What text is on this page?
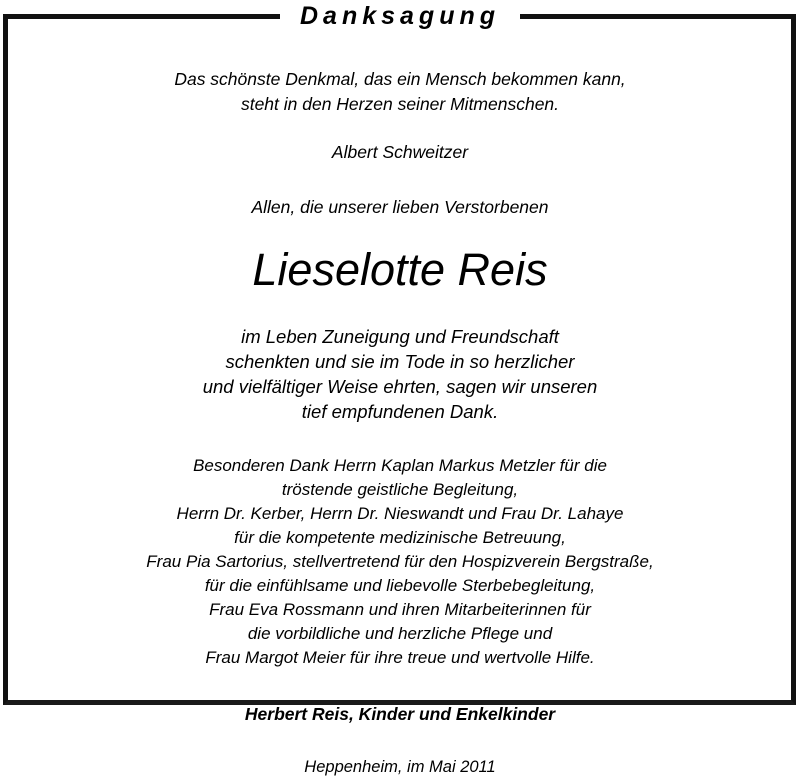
Danksagung

Das schönste Denkmal, das ein Mensch bekommen kann,
steht in den Herzen seiner Mitmenschen.

Albert Schweitzer

Allen, die unserer lieben Verstorbenen

Lieselotte Reis

im Leben Zuneigung und Freundschaft
schenkten und sie im Tode in so herzlicher
und vielfältiger Weise ehrten, sagen wir unseren
tief empfundenen Dank.

Besonderen Dank Herrn Kaplan Markus Metzler für die
tröstende geistliche Begleitung,
Herrn Dr. Kerber, Herrn Dr. Nieswandt und Frau Dr. Lahaye
für die kompetente medizinische Betreuung,
Frau Pia Sartorius, stellvertretend für den Hospizverein Bergstraße,
für die einfühlsame und liebevolle Sterbebegleitung,
Frau Eva Rossmann und ihren Mitarbeiterinnen für
die vorbildliche und herzliche Pflege und
Frau Margot Meier für ihre treue und wertvolle Hilfe.

Herbert Reis, Kinder und Enkelkinder

Heppenheim, im Mai 2011
